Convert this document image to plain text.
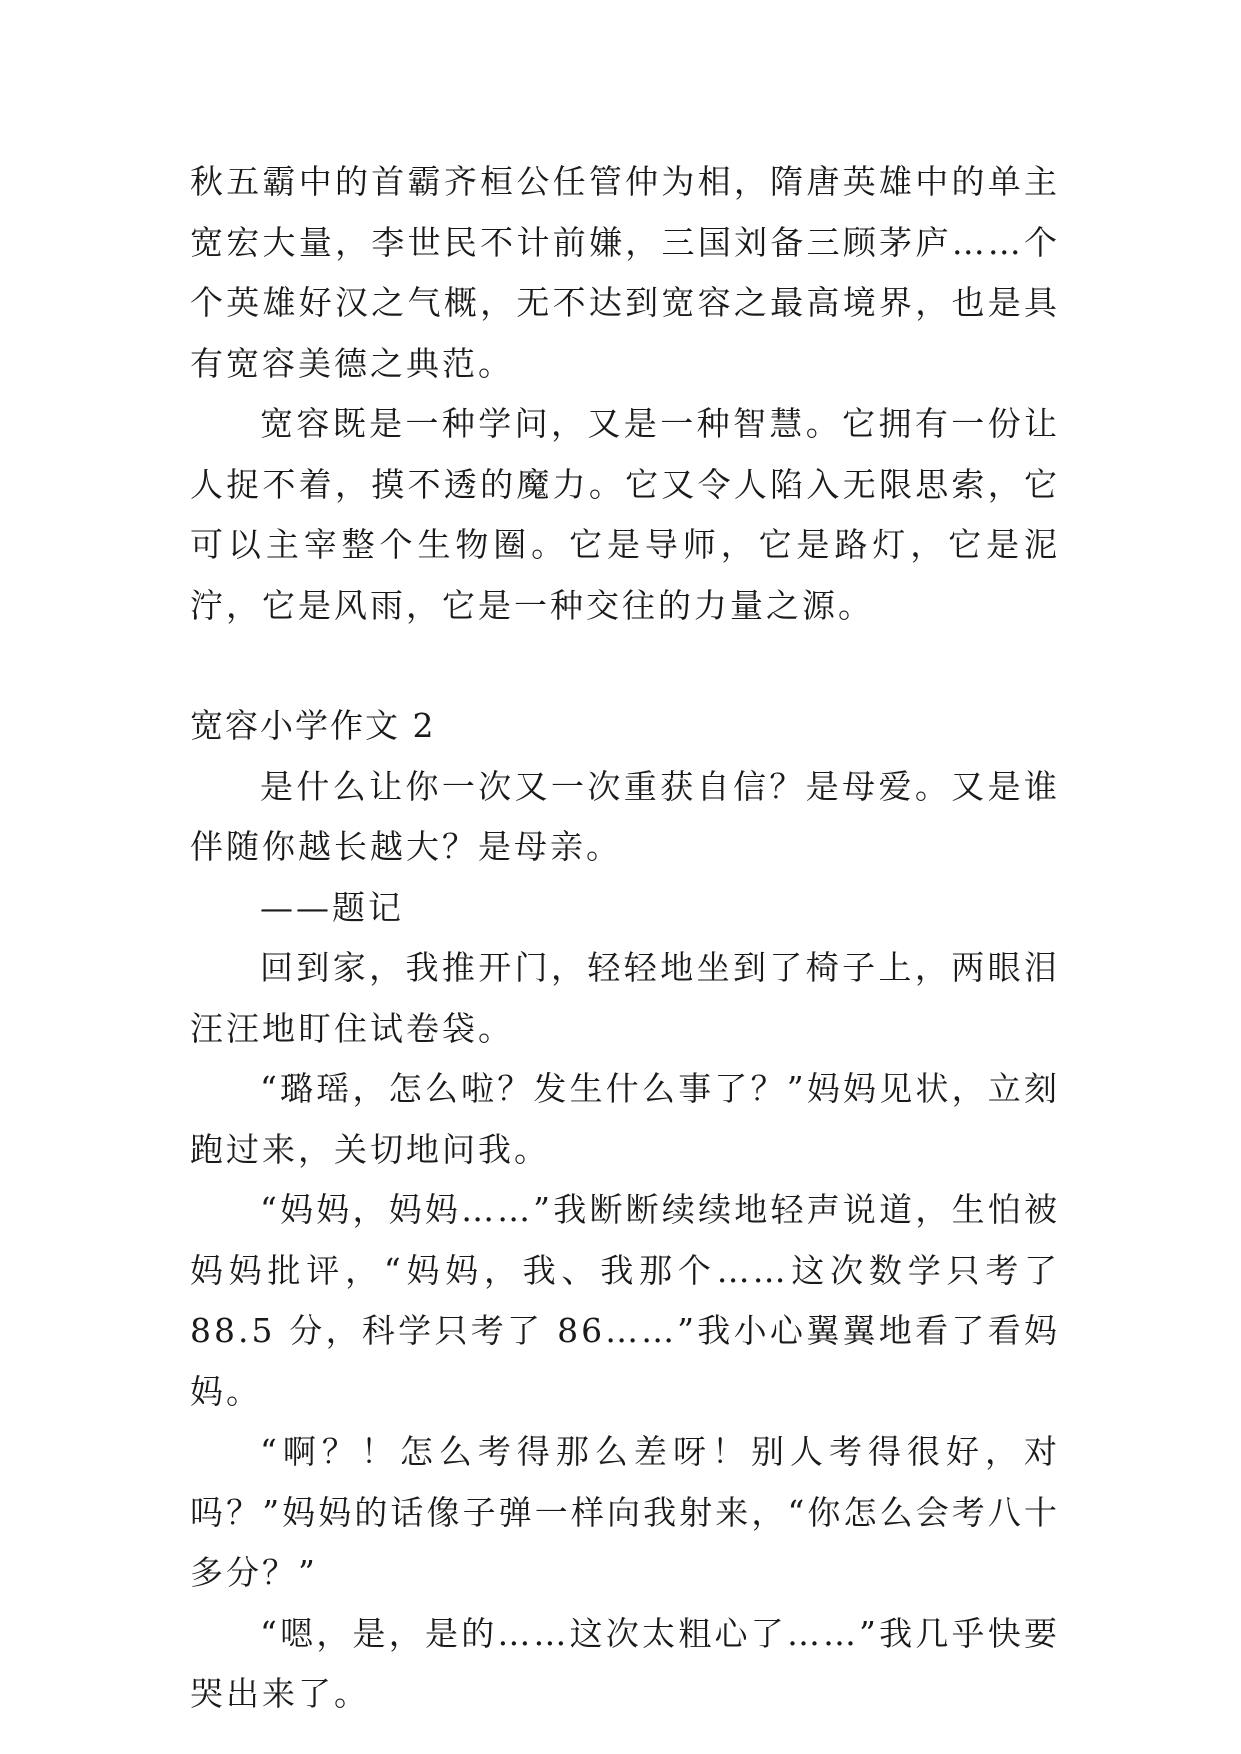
秋五霸中的首霸齐桓公任管仲为相，隋唐英雄中的单主宽宏大量，李世民不计前嫌，三国刘备三顾茅庐……个个英雄好汉之气概，无不达到宽容之最高境界，也是具有宽容美德之典范。

宽容既是一种学问，又是一种智慧。它拥有一份让人捉不着，摸不透的魔力。它又令人陷入无限思索，它可以主宰整个生物圈。它是导师，它是路灯，它是泥泞，它是风雨，它是一种交往的力量之源。

宽容小学作文 2

是什么让你一次又一次重获自信？是母爱。又是谁伴随你越长越大？是母亲。

——题记

回到家，我推开门，轻轻地坐到了椅子上，两眼泪汪汪地盯住试卷袋。

“璐瑶，怎么啦？发生什么事了？”妈妈见状，立刻跑过来，关切地问我。

“妈妈，妈妈……”我断断续续地轻声说道，生怕被妈妈批评，“妈妈，我、我那个……这次数学只考了 88.5 分，科学只考了 86……”我小心翼翼地看了看妈妈。

“啊？！怎么考得那么差呀！别人考得很好，对吗？”妈妈的话像子弹一样向我射来，“你怎么会考八十多分？”

“嗯，是，是的……这次太粗心了……”我几乎快要哭出来了。
